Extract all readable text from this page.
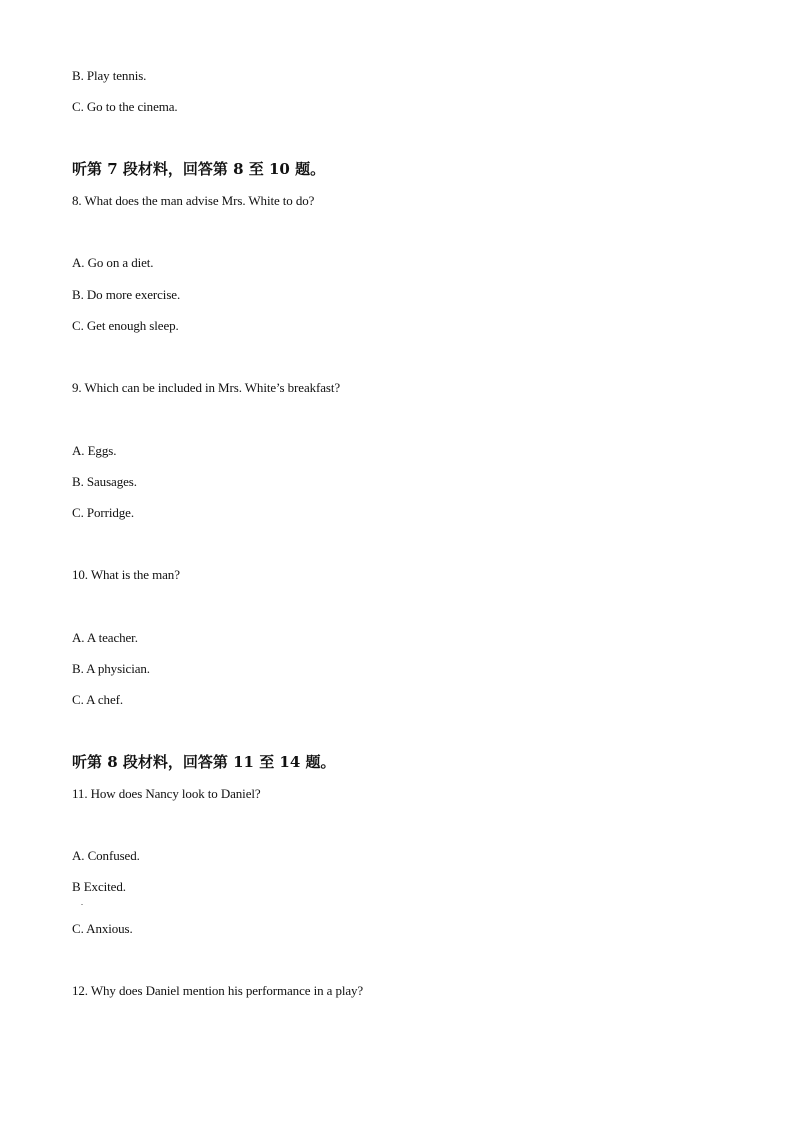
B. Play tennis.
C. Go to the cinema.
听第 7 段材料，回答第 8 至 10 题。
8. What does the man advise Mrs. White to do?
A. Go on a diet.
B. Do more exercise.
C. Get enough sleep.
9. Which can be included in Mrs. White’s breakfast?
A. Eggs.
B. Sausages.
C. Porridge.
10. What is the man?
A. A teacher.
B. A physician.
C. A chef.
听第 8 段材料，回答第 11 至 14 题。
11. How does Nancy look to Daniel?
A. Confused.
B Excited.
.
C. Anxious.
12. Why does Daniel mention his performance in a play?
